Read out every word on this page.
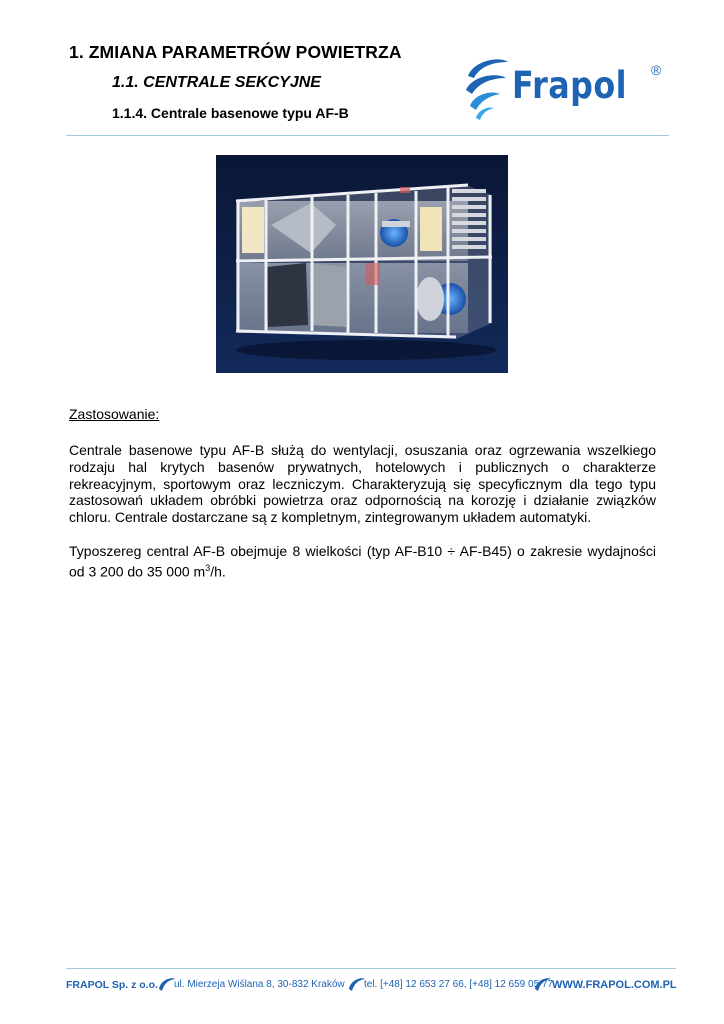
1. ZMIANA PARAMETRÓW POWIETRZA
1.1. CENTRALE SEKCYJNE
1.1.4. Centrale basenowe typu AF-B
Frapol ®
Zastosowanie:
Centrale basenowe typu AF-B służą do wentylacji, osuszania oraz ogrzewania wszelkiego rodzaju hal krytych basenów prywatnych, hotelowych i publicznych o charakterze rekreacyjnym, sportowym oraz leczniczym. Charakteryzują się specyficznym dla tego typu zastosowań układem obróbki powietrza oraz odpornością na korozję i działanie związków chloru. Centrale dostarczane są z kompletnym, zintegrowanym układem automatyki.
Typoszereg central AF-B obejmuje 8 wielkości (typ AF-B10 ÷ AF-B45) o zakresie wydajności od 3 200 do 35 000 $m^3/h$.
FRAPOL Sp. z o.o. ul. Mierzeja Wiślana 8, 30-832 Kraków tel. [+48] 12 653 27 66, [+48] 12 659 05 77
WWW.FRAPOL.COM.PL
